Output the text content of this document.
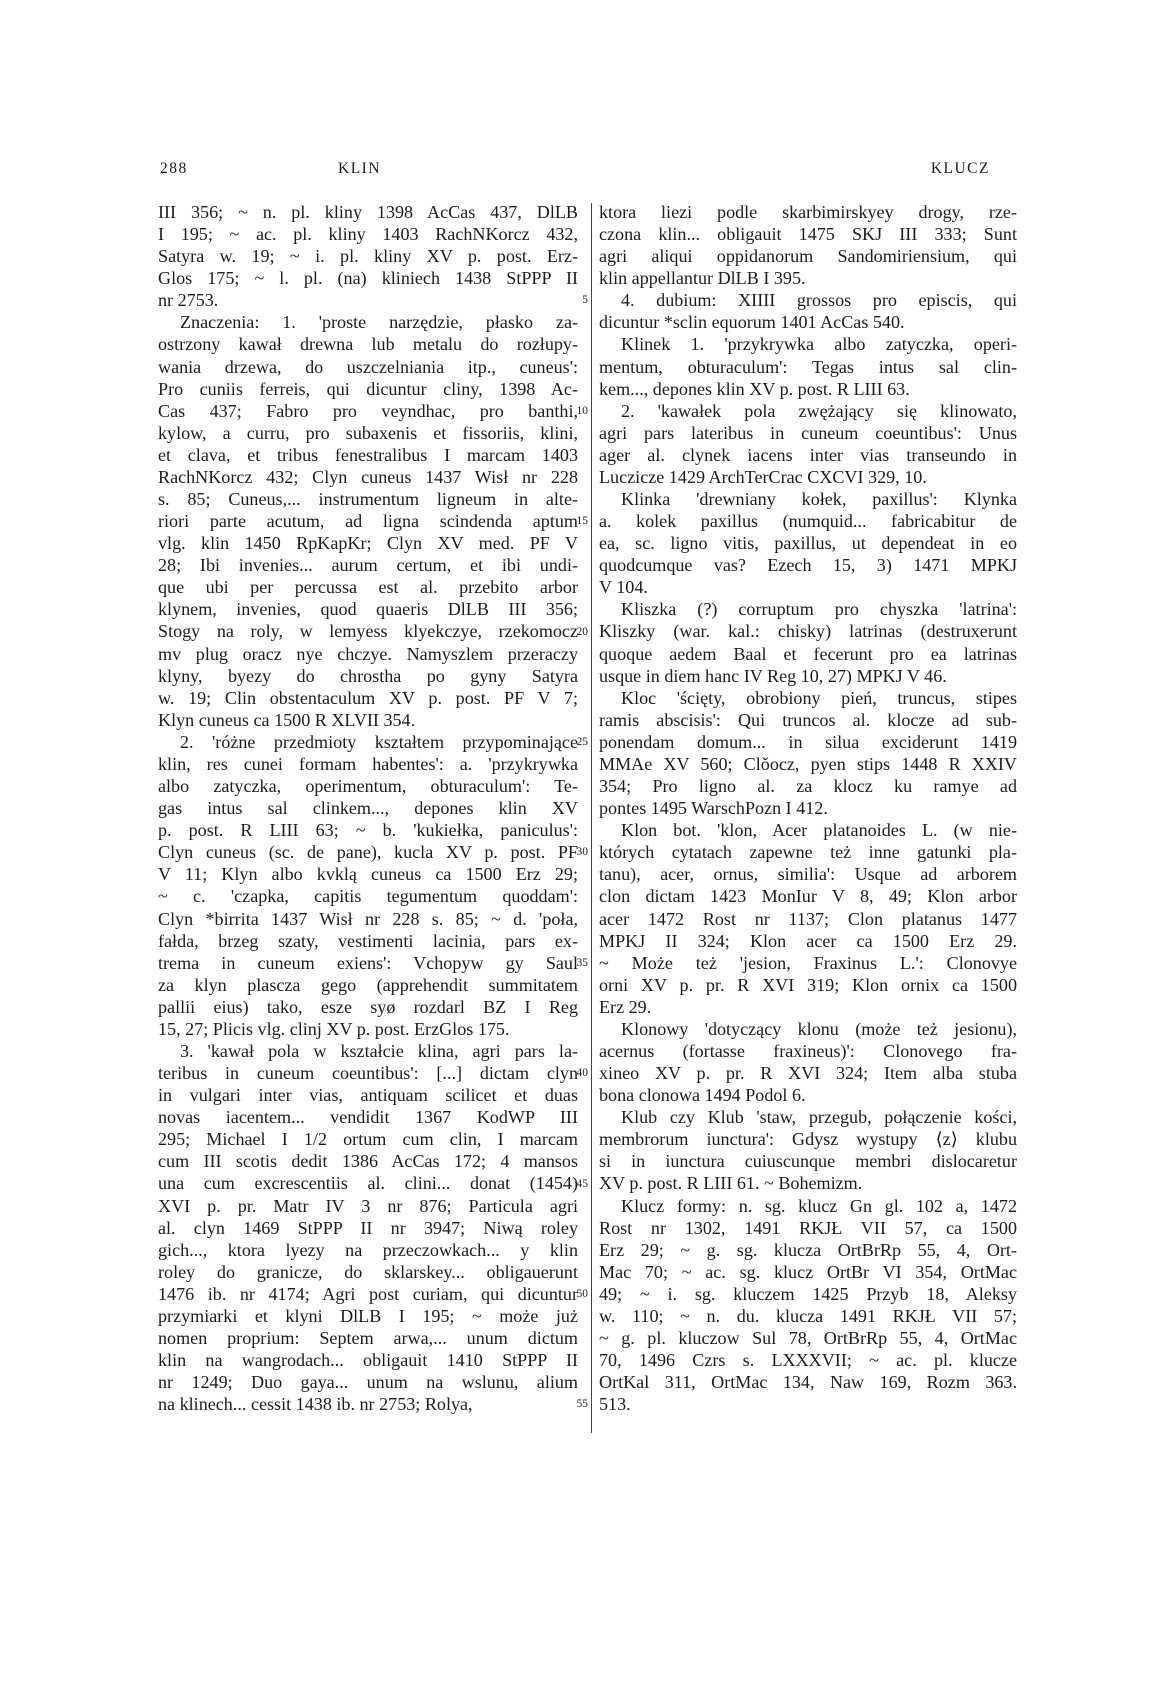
288	KLIN	KLUCZ
III 356; ~ n. pl. kliny 1398 AcCas 437, DlLB
I 195; ~ ac. pl. kliny 1403 RachNKorcz 432,
Satyra w. 19; ~ i. pl. kliny XV p. post. Erz-
Glos 175; ~ l. pl. (na) kliniech 1438 StPPP II
nr 2753.
Znaczenia: 1. 'proste narzędzie, płasko za-
ostrzony kawał drewna lub metalu do rozłupy-
wania drzewa, do uszczelniania itp., cuneus':
Pro cuniis ferreis, qui dicuntur cliny, 1398 Ac-
Cas 437; Fabro pro veyndhac, pro banthi,
kylow, a curru, pro subaxenis et fissoriis, klini,
et clava, et tribus fenestralibus I marcam 1403
RachNKorcz 432; Clyn cuneus 1437 Wisł nr 228
s. 85; Cuneus,... instrumentum ligneum in alte-
riori parte acutum, ad ligna scindenda aptum
vlg. klin 1450 RpKapKr; Clyn XV med. PF V
28; Ibi invenies... aurum certum, et ibi undi-
que ubi per percussa est al. przebito arbor
klynem, invenies, quod quaeris DlLB III 356;
Stogy na roly, w lemyess klyekczye, rzekomocz
mv plug oracz nye chczye. Namyszlem przeraczy
klyny, byezy do chrostha po gyny Satyra
w. 19; Clin obstentaculum XV p. post. PF V 7;
Klyn cuneus ca 1500 R XLVII 354.
2. 'różne przedmioty kształtem przypominające
klin, res cunei formam habentes': a. 'przykrywka
albo zatyczka, operimentum, obturaculum': Te-
gas intus sal clinkem..., depones klin XV
p. post. R LIII 63; ~ b. 'kukiełka, paniculus':
Clyn cuneus (sc. de pane), kucla XV p. post. PF
V 11; Klyn albo kvklą cuneus ca 1500 Erz 29;
~ c. 'czapka, capitis tegumentum quoddam':
Clyn *birrita 1437 Wisł nr 228 s. 85; ~ d. 'poła,
fałda, brzeg szaty, vestimenti lacinia, pars ex-
trema in cuneum exiens': Vchopyw gy Saul
za klyn plascza gego (apprehendit summitatem
pallii eius) tako, esze syø rozdarl BZ I Reg
15, 27; Plicis vlg. clinj XV p. post. ErzGlos 175.
3. 'kawał pola w kształcie klina, agri pars la-
teribus in cuneum coeuntibus': [...] dictam clyn
in vulgari inter vias, antiquam scilicet et duas
novas iacentem... vendidit 1367 KodWP III
295; Michael I 1/2 ortum cum clin, I marcam
cum III scotis dedit 1386 AcCas 172; 4 mansos
una cum excrescentiis al. clini... donat (1454)
XVI p. pr. Matr IV 3 nr 876; Particula agri
al. clyn 1469 StPPP II nr 3947; Niwą roley
gich..., ktora lyezy na przeczowkach... y klin
roley do granicze, do sklarskey... obligauerunt
1476 ib. nr 4174; Agri post curiam, qui dicuntur
przymiarki et klyni DlLB I 195; ~ może już
nomen proprium: Septem arwa,... unum dictum
klin na wangrodach... obligauit 1410 StPPP II
nr 1249; Duo gaya... unum na wslunu, alium
na klinech... cessit 1438 ib. nr 2753; Rolya,
5
10
15
20
25
30
35
40
45
50
55
ktora liezi podle skarbimirskyey drogy, rze-
czona klin... obligauit 1475 SKJ III 333; Sunt
agri aliqui oppidanorum Sandomiriensium, qui
klin appellantur DlLB I 395.
4. dubium: XIIII grossos pro episcis, qui
dicuntur *sclin equorum 1401 AcCas 540.
Klinek 1. 'przykrywka albo zatyczka, operi-
mentum, obturaculum': Tegas intus sal clin-
kem..., depones klin XV p. post. R LIII 63.
2. 'kawałek pola zwężający się klinowato,
agri pars lateribus in cuneum coeuntibus': Unus
ager al. clynek iacens inter vias transeundo in
Luczicze 1429 ArchTerCrac CXCVI 329, 10.
Klinka 'drewniany kołek, paxillus': Klynka
a. kolek paxillus (numquid... fabricabitur de
ea, sc. ligno vitis, paxillus, ut dependeat in eo
quodcumque vas? Ezech 15, 3) 1471 MPKJ
V 104.
Kliszka (?) corruptum pro chyszka 'latrina':
Kliszky (war. kal.: chisky) latrinas (destruxerunt
quoque aedem Baal et fecerunt pro ea latrinas
usque in diem hanc IV Reg 10, 27) MPKJ V 46.
Kloc 'ścięty, obrobiony pień, truncus, stipes
ramis abscisis': Qui truncos al. klocze ad sub-
ponendam domum... in silua exciderunt 1419
MMAe XV 560; Clǒocz, pyen stips 1448 R XXIV
354; Pro ligno al. za klocz ku ramye ad
pontes 1495 WarschPozn I 412.
Klon bot. 'klon, Acer platanoides L. (w nie-
których cytatach zapewne też inne gatunki pla-
tanu), acer, ornus, similia': Usque ad arborem
clon dictam 1423 MonIur V 8, 49; Klon arbor
acer 1472 Rost nr 1137; Clon platanus 1477
MPKJ II 324; Klon acer ca 1500 Erz 29.
~ Może też 'jesion, Fraxinus L.': Clonovye
orni XV p. pr. R XVI 319; Klon ornix ca 1500
Erz 29.
Klonowy 'dotyczący klonu (może też jesionu),
acernus (fortasse fraxineus)': Clonovego fra-
xineo XV p. pr. R XVI 324; Item alba stuba
bona clonowa 1494 Podol 6.
Klub czy Klub 'staw, przegub, połączenie kości,
membrorum iunctura': Gdysz wystupy ⟨z⟩ klubu
si in iunctura cuiuscunque membri dislocaretur
XV p. post. R LIII 61. ~ Bohemizm.
Klucz formy: n. sg. klucz Gn gl. 102 a, 1472
Rost nr 1302, 1491 RKJŁ VII 57, ca 1500
Erz 29; ~ g. sg. klucza OrtBrRp 55, 4, Ort-
Mac 70; ~ ac. sg. klucz OrtBr VI 354, OrtMac
49; ~ i. sg. kluczem 1425 Przyb 18, Aleksy
w. 110; ~ n. du. klucza 1491 RKJŁ VII 57;
~ g. pl. kluczow Sul 78, OrtBrRp 55, 4, OrtMac
70, 1496 Czrs s. LXXXVII; ~ ac. pl. klucze
OrtKal 311, OrtMac 134, Naw 169, Rozm 363.
513.
